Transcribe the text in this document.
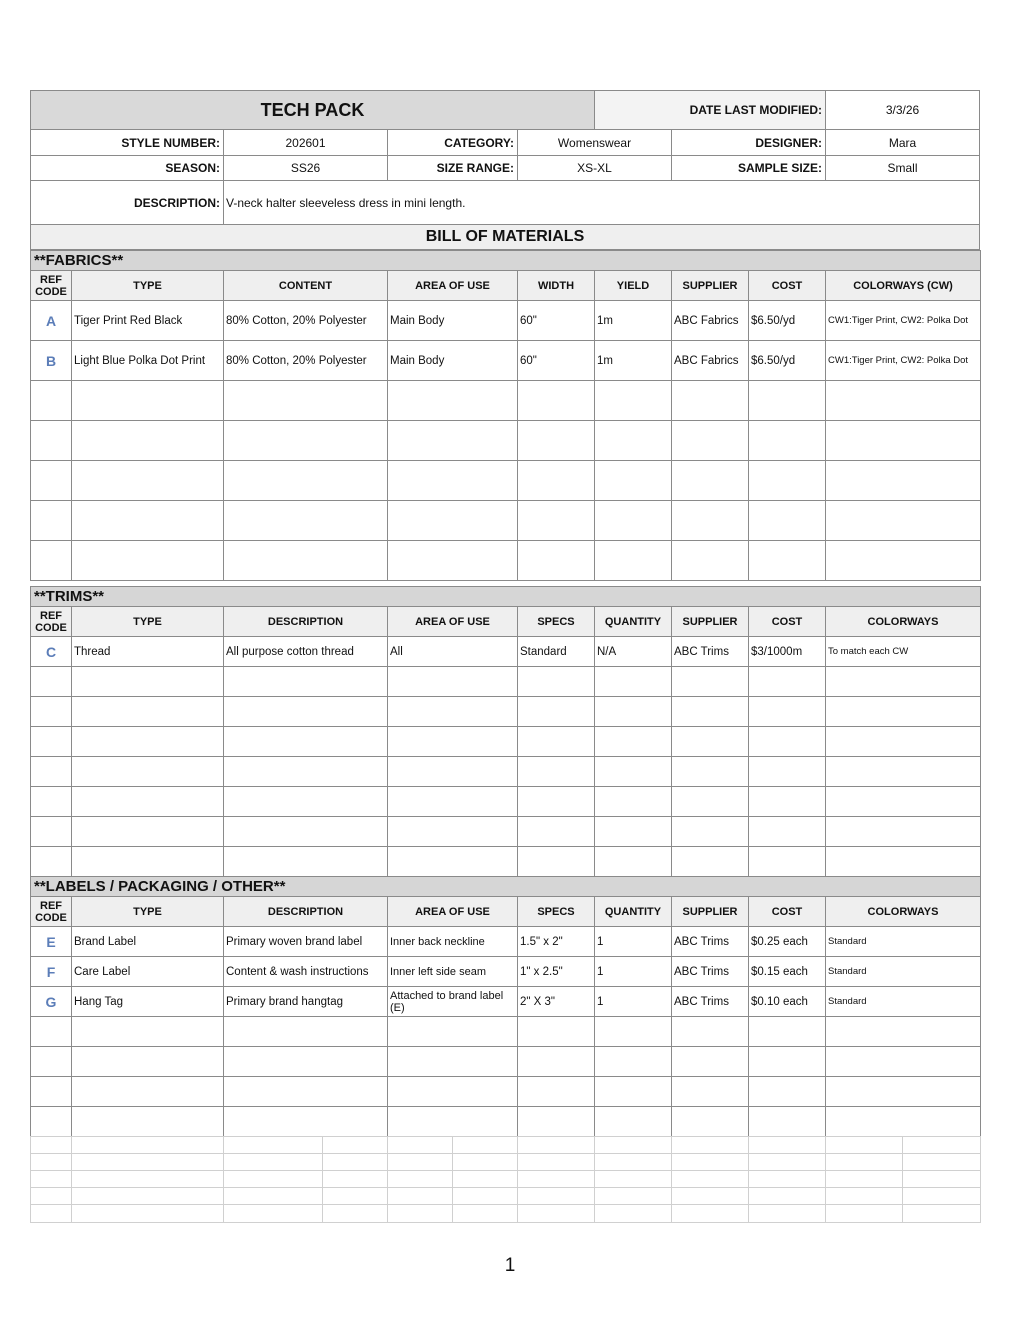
TECH PACK	DATE LAST MODIFIED:	3/3/26
STYLE NUMBER:	202601	CATEGORY:	Womenswear	DESIGNER:	Mara
SEASON:	SS26	SIZE RANGE:	XS-XL	SAMPLE SIZE:	Small
DESCRIPTION: V-neck halter sleeveless dress in mini length.
BILL OF MATERIALS
**FABRICS**
REF
CODE	TYPE	CONTENT	AREA OF USE	WIDTH	YIELD	SUPPLIER	COST	COLORWAYS (CW)
A	Tiger Print Red Black	80% Cotton, 20% Polyester	Main Body	60"	1m	ABC Fabrics	$6.50/yd	CW1:Tiger Print, CW2: Polka Dot
B	Light Blue Polka Dot Print	80% Cotton, 20% Polyester	Main Body	60"	1m	ABC Fabrics	$6.50/yd	CW1:Tiger Print, CW2: Polka Dot
**TRIMS**
REF
CODE	TYPE	DESCRIPTION	AREA OF USE	SPECS	QUANTITY	SUPPLIER	COST	COLORWAYS
C	Thread	All purpose cotton thread	All	Standard	N/A	ABC Trims	$3/1000m	To match each CW
**LABELS / PACKAGING / OTHER**
REF
CODE	TYPE	DESCRIPTION	AREA OF USE	SPECS	QUANTITY	SUPPLIER	COST	COLORWAYS
E	Brand Label	Primary woven brand label	Inner back neckline	1.5" x 2"	1	ABC Trims	$0.25 each	Standard
F	Care Label	Content & wash instructions	Inner left side seam	1" x 2.5"	1	ABC Trims	$0.15 each	Standard
G	Hang Tag	Primary brand hangtag	Attached to brand label (E)	2" X 3"	1	ABC Trims	$0.10 each	Standard
1
